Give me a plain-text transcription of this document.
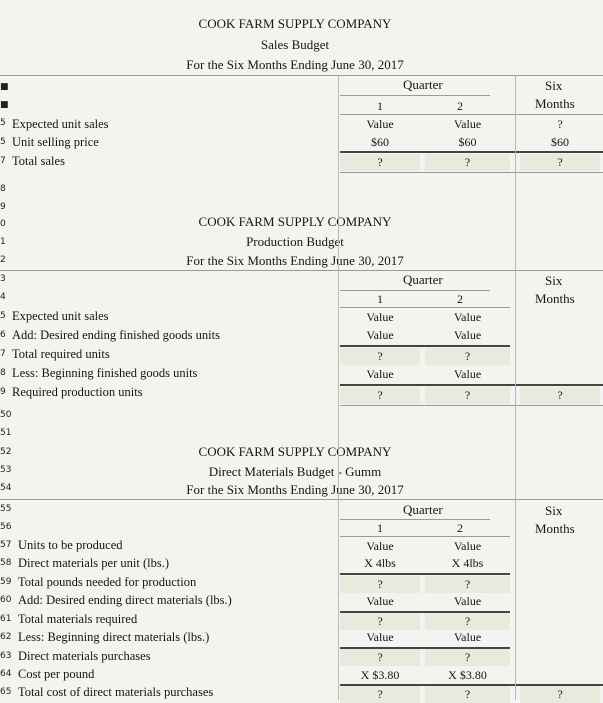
COOK FARM SUPPLY COMPANY
Sales Budget
For the Six Months Ending June 30, 2017
Quarter	Six
Months
1	2
■
■
5 Expected unit sales	Value	Value	?
5 Unit selling price	$60	$60	$60
7 Total sales	?	?	?
8
9
0	COOK FARM SUPPLY COMPANY
1	Production Budget
2	For the Six Months Ending June 30, 2017
3	Quarter	Six
Months
4	1	2
5 Expected unit sales	Value	Value
6 Add: Desired ending finished goods units	Value	Value
7 Total required units	?	?
8 Less: Beginning finished goods units	Value	Value
9 Required production units	?	?	?
50
51
52	COOK FARM SUPPLY COMPANY
53	Direct Materials Budget - Gumm
54	For the Six Months Ending June 30, 2017
55	Quarter	Six
Months
56	1	2
57 Units to be produced	Value	Value
58 Direct materials per unit (lbs.)	X 4lbs	X 4lbs
59 Total pounds needed for production	?	?
60 Add: Desired ending direct materials (lbs.)	Value	Value
61 Total materials required	?	?
62 Less: Beginning direct materials (lbs.)	Value	Value
63 Direct materials purchases	?	?
64 Cost per pound	X $3.80	X $3.80
65 Total cost of direct materials purchases	?	?	?
